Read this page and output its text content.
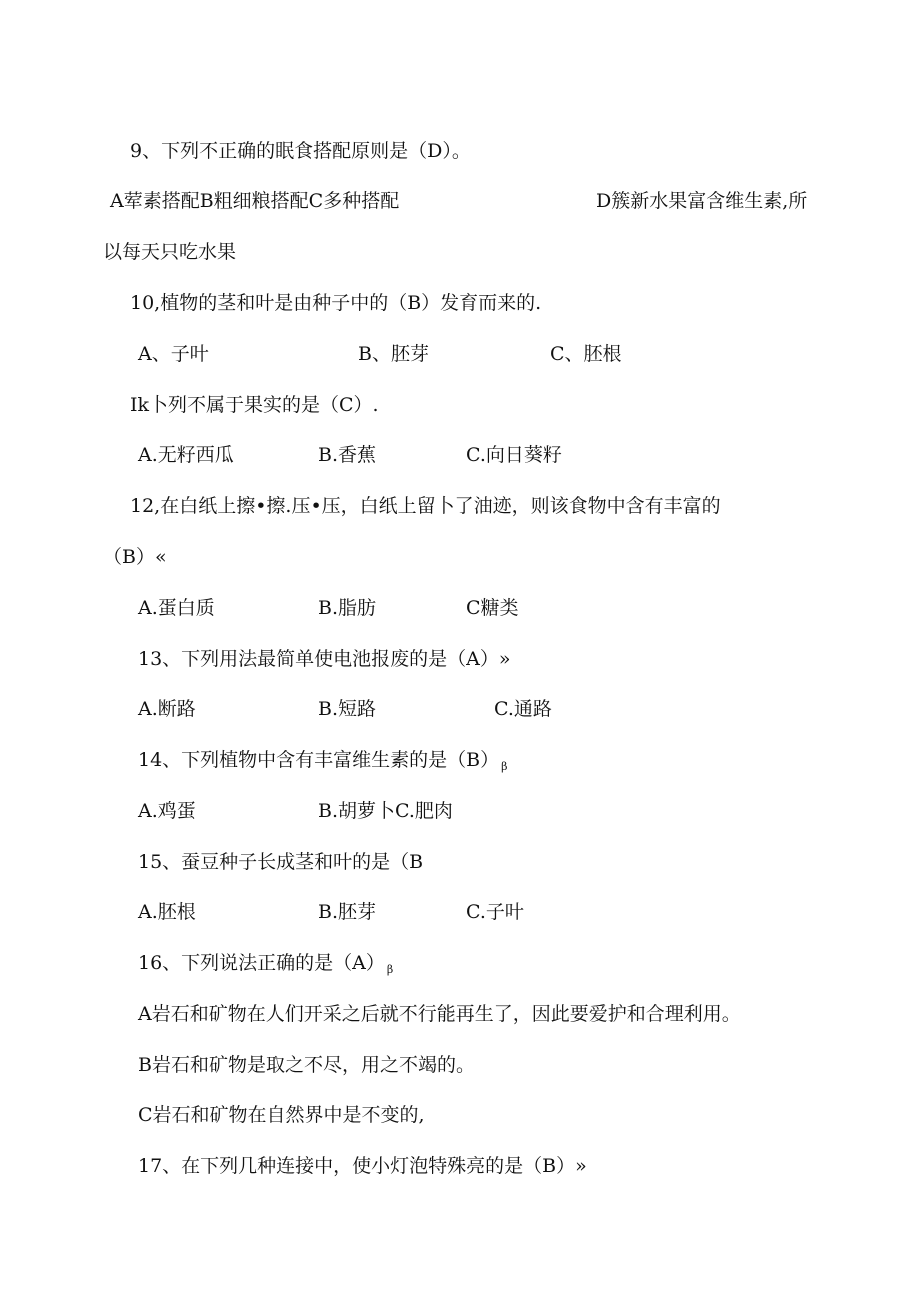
9、下列不正确的眠食搭配原则是（D）。
A荤素搭配B粗细粮搭配C多种搭配	D簇新水果富含维生素,所
以每天只吃水果
10,植物的茎和叶是由种子中的（B）发育而来的.
A、子叶	B、胚芽	C、胚根
Ik卜列不属于果实的是（C）.
A.无籽西瓜	B.香蕉	C.向日葵籽
12,在白纸上擦•擦.压•压，白纸上留卜了油迹，则该食物中含有丰富的
（B）«
A.蛋白质	B.脂肪	C糖类
13、下列用法最简单使电池报废的是（A）»
A.断路	B.短路	C.通路
14、下列植物中含有丰富维生素的是（B） $_\beta$
A.鸡蛋	B.胡萝卜C.肥肉
15、蚕豆种子长成茎和叶的是（B
A.胚根	B.胚芽	C.子叶
16、下列说法正确的是（A） $_\beta$
A岩石和矿物在人们开采之后就不行能再生了，因此要爱护和合理利用。
B岩石和矿物是取之不尽，用之不竭的。
C岩石和矿物在自然界中是不变的,
17、在下列几种连接中，使小灯泡特殊亮的是（B）»
